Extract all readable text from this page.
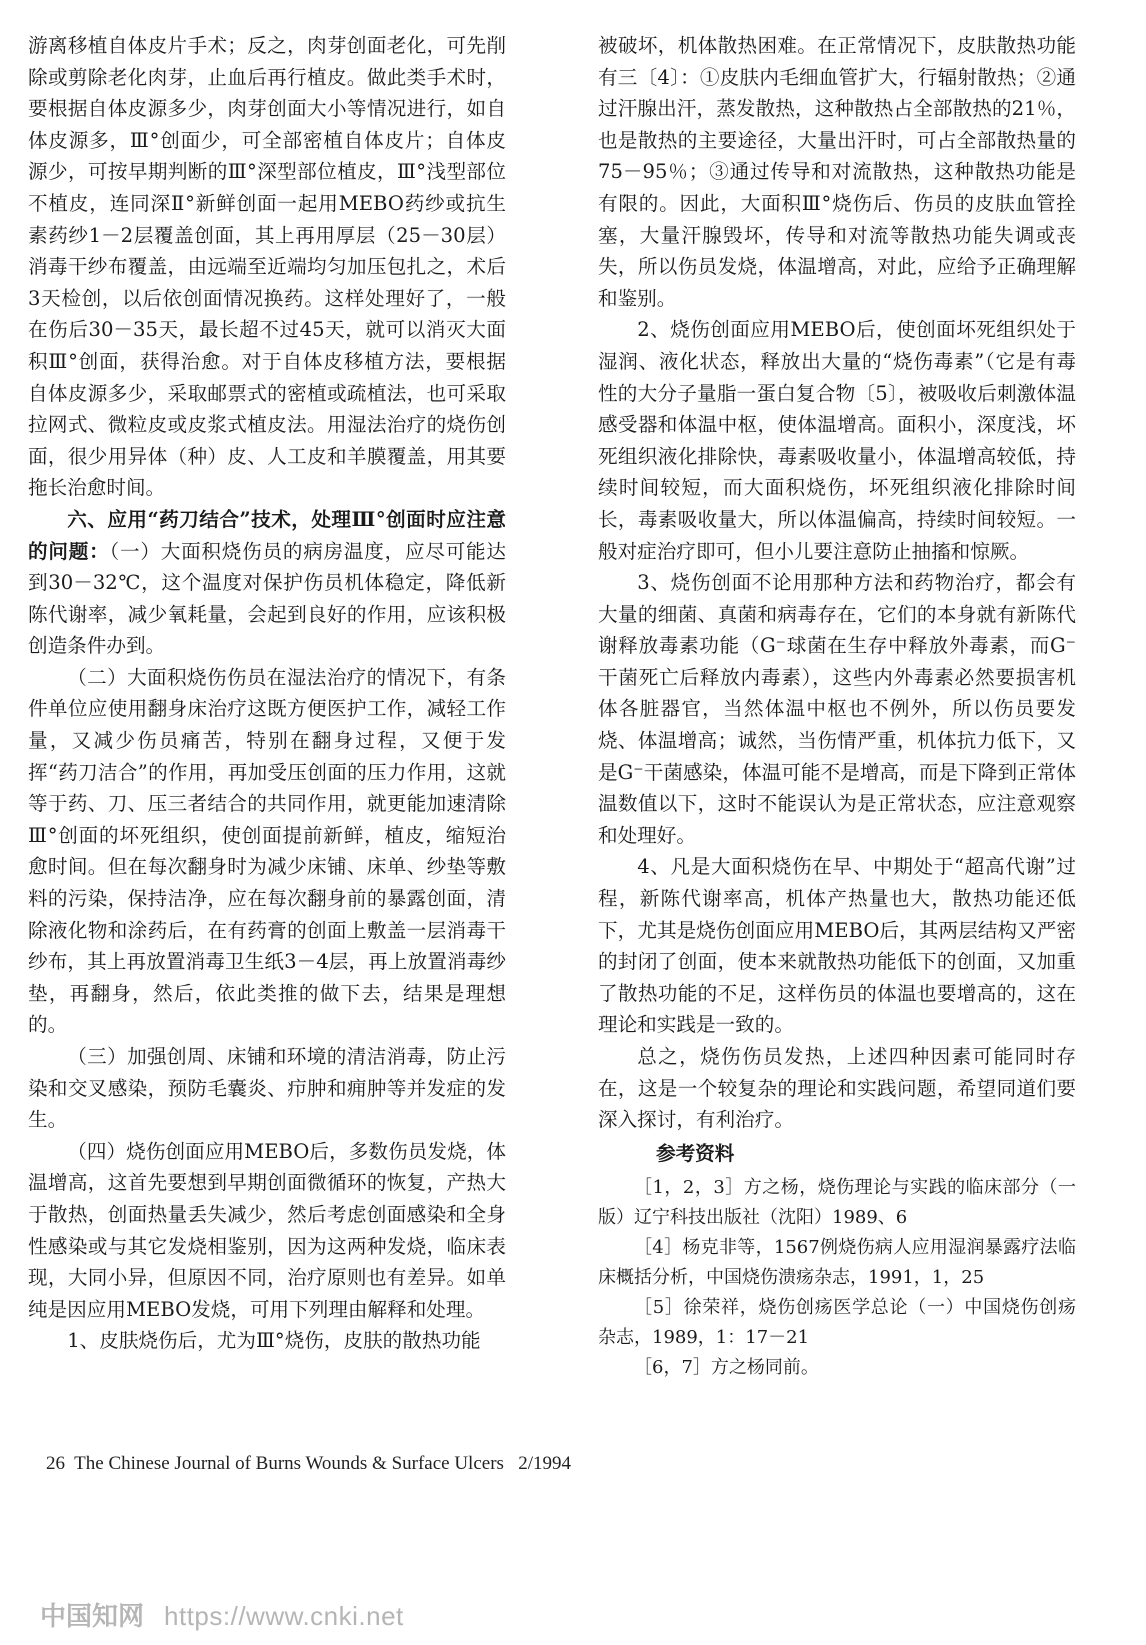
游离移植自体皮片手术；反之，肉芽创面老化，可先削除或剪除老化肉芽，止血后再行植皮。做此类手术时，要根据自体皮源多少，肉芽创面大小等情况进行，如自体皮源多，Ⅲ°创面少，可全部密植自体皮片；自体皮源少，可按早期判断的Ⅲ°深型部位植皮，Ⅲ°浅型部位不植皮，连同深Ⅱ°新鲜创面一起用MEBO药纱或抗生素药纱1－2层覆盖创面，其上再用厚层（25－30层）消毒干纱布覆盖，由远端至近端均匀加压包扎之，术后3天检创，以后依创面情况换药。这样处理好了，一般在伤后30－35天，最长超不过45天，就可以消灭大面积Ⅲ°创面，获得治愈。对于自体皮移植方法，要根据自体皮源多少，采取邮票式的密植或疏植法，也可采取拉网式、微粒皮或皮浆式植皮法。用湿法治疗的烧伤创面，很少用异体（种）皮、人工皮和羊膜覆盖，用其要拖长治愈时间。

六、应用“药刀结合”技术，处理Ⅲ°创面时应注意的问题：（一）大面积烧伤员的病房温度，应尽可能达到30－32℃，这个温度对保护伤员机体稳定，降低新陈代谢率，减少氧耗量，会起到良好的作用，应该积极创造条件办到。

（二）大面积烧伤伤员在湿法治疗的情况下，有条件单位应使用翻身床治疗这既方便医护工作，减轻工作量，又减少伤员痛苦，特别在翻身过程，又便于发挥“药刀洁合”的作用，再加受压创面的压力作用，这就等于药、刀、压三者结合的共同作用，就更能加速清除Ⅲ°创面的坏死组织，使创面提前新鲜，植皮，缩短治愈时间。但在每次翻身时为减少床铺、床单、纱垫等敷料的污染，保持洁净，应在每次翻身前的暴露创面，清除液化物和涂药后，在有药膏的创面上敷盖一层消毒干纱布，其上再放置消毒卫生纸3－4层，再上放置消毒纱垫，再翻身，然后，依此类推的做下去，结果是理想的。

（三）加强创周、床铺和环境的清洁消毒，防止污染和交叉感染，预防毛囊炎、疖肿和痈肿等并发症的发生。

（四）烧伤创面应用MEBO后，多数伤员发烧，体温增高，这首先要想到早期创面微循环的恢复，产热大于散热，创面热量丢失减少，然后考虑创面感染和全身性感染或与其它发烧相鉴别，因为这两种发烧，临床表现，大同小异，但原因不同，治疗原则也有差异。如单纯是因应用MEBO发烧，可用下列理由解释和处理。

1、皮肤烧伤后，尤为Ⅲ°烧伤，皮肤的散热功能

被破坏，机体散热困难。在正常情况下，皮肤散热功能有三〔4〕：①皮肤内毛细血管扩大，行辐射散热；②通过汗腺出汗，蒸发散热，这种散热占全部散热的21％，也是散热的主要途径，大量出汗时，可占全部散热量的75－95％；③通过传导和对流散热，这种散热功能是有限的。因此，大面积Ⅲ°烧伤后、伤员的皮肤血管拴塞，大量汗腺毁坏，传导和对流等散热功能失调或丧失，所以伤员发烧，体温增高，对此，应给予正确理解和鉴别。

2、烧伤创面应用MEBO后，使创面坏死组织处于湿润、液化状态，释放出大量的“烧伤毒素”（它是有毒性的大分子量脂一蛋白复合物〔5〕，被吸收后刺激体温感受器和体温中枢，使体温增高。面积小，深度浅，坏死组织液化排除快，毒素吸收量小，体温增高较低，持续时间较短，而大面积烧伤，坏死组织液化排除时间长，毒素吸收量大，所以体温偏高，持续时间较短。一般对症治疗即可，但小儿要注意防止抽搐和惊厥。

3、烧伤创面不论用那种方法和药物治疗，都会有大量的细菌、真菌和病毒存在，它们的本身就有新陈代谢释放毒素功能（G⁻球菌在生存中释放外毒素，而G⁻干菌死亡后释放内毒素），这些内外毒素必然要损害机体各脏器官，当然体温中枢也不例外，所以伤员要发烧、体温增高；诚然，当伤情严重，机体抗力低下，又是G⁻干菌感染，体温可能不是增高，而是下降到正常体温数值以下，这时不能误认为是正常状态，应注意观察和处理好。

4、凡是大面积烧伤在早、中期处于“超高代谢”过程，新陈代谢率高，机体产热量也大，散热功能还低下，尤其是烧伤创面应用MEBO后，其两层结构又严密的封闭了创面，使本来就散热功能低下的创面，又加重了散热功能的不足，这样伤员的体温也要增高的，这在理论和实践是一致的。

总之，烧伤伤员发热，上述四种因素可能同时存在，这是一个较复杂的理论和实践问题，希望同道们要深入探讨，有利治疗。

参考资料

［1，2，3］方之杨，烧伤理论与实践的临床部分（一版）辽宁科技出版社（沈阳）1989、6

［4］杨克非等，1567例烧伤病人应用湿润暴露疗法临床概括分析，中国烧伤溃疡杂志，1991，1，25

［5］徐荣祥，烧伤创疡医学总论（一）中国烧伤创疡杂志，1989，1：17－21

［6，7］方之杨同前。

26 The Chinese Journal of Burns Wounds & Surface Ulcers 2/1994
中国知网 https://www.cnki.net
